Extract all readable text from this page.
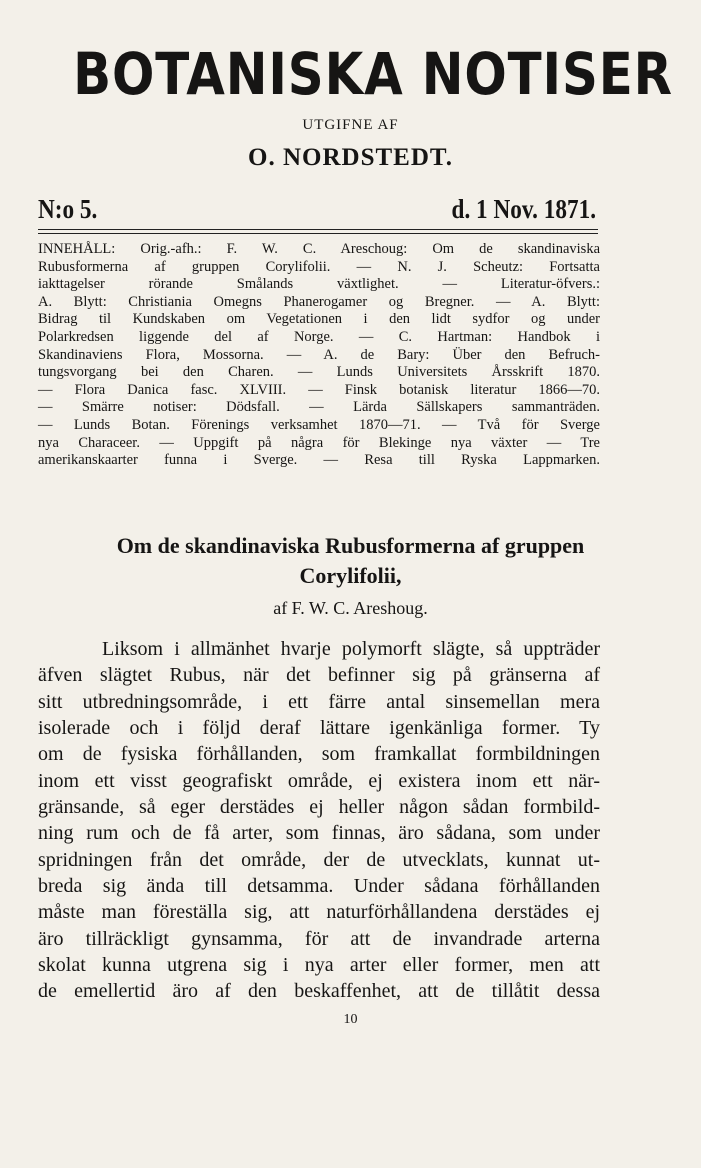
BOTANISKA NOTISER
UTGIFNE AF
O. NORDSTEDT.
N:o 5.	d. 1 Nov. 1871.
INNEHÅLL: Orig.-afh.: F. W. C. Areschoug: Om de skandinaviska
Rubusformerna af gruppen Corylifolii. — N. J. Scheutz: Fortsatta
iakttagelser rörande Smålands växtlighet. — Literatur-öfvers.:
A. Blytt: Christiania Omegns Phanerogamer og Bregner. — A. Blytt:
Bidrag til Kundskaben om Vegetationen i den lidt sydfor og under
Polarkredsen liggende del af Norge. — C. Hartman: Handbok i
Skandinaviens Flora, Mossorna. — A. de Bary: Über den Befruch-
tungsvorgang bei den Charen. — Lunds Universitets Årsskrift 1870.
— Flora Danica fasc. XLVIII. — Finsk botanisk literatur 1866—70.
— Smärre notiser: Dödsfall. — Lärda Sällskapers sammanträden.
— Lunds Botan. Förenings verksamhet 1870—71. — Två för Sverge
nya Characeer. — Uppgift på några för Blekinge nya växter — Tre
amerikanskaarter funna i Sverge. — Resa till Ryska Lappmarken.
Om de skandinaviska Rubusformerna af gruppen
Corylifolii,
af F. W. C. Areshoug.
Liksom i allmänhet hvarje polymorft slägte, så uppträder
äfven slägtet Rubus, när det befinner sig på gränserna af
sitt utbredningsområde, i ett färre antal sinsemellan mera
isolerade och i följd deraf lättare igenkänliga former. Ty
om de fysiska förhållanden, som framkallat formbildningen
inom ett visst geografiskt område, ej existera inom ett när-
gränsande, så eger derstädes ej heller någon sådan formbild-
ning rum och de få arter, som finnas, äro sådana, som under
spridningen från det område, der de utvecklats, kunnat ut-
breda sig ända till detsamma. Under sådana förhållanden
måste man föreställa sig, att naturförhållandena derstädes ej
äro tillräckligt gynsamma, för att de invandrade arterna
skolat kunna utgrena sig i nya arter eller former, men att
de emellertid äro af den beskaffenhet, att de tillåtit dessa
10
